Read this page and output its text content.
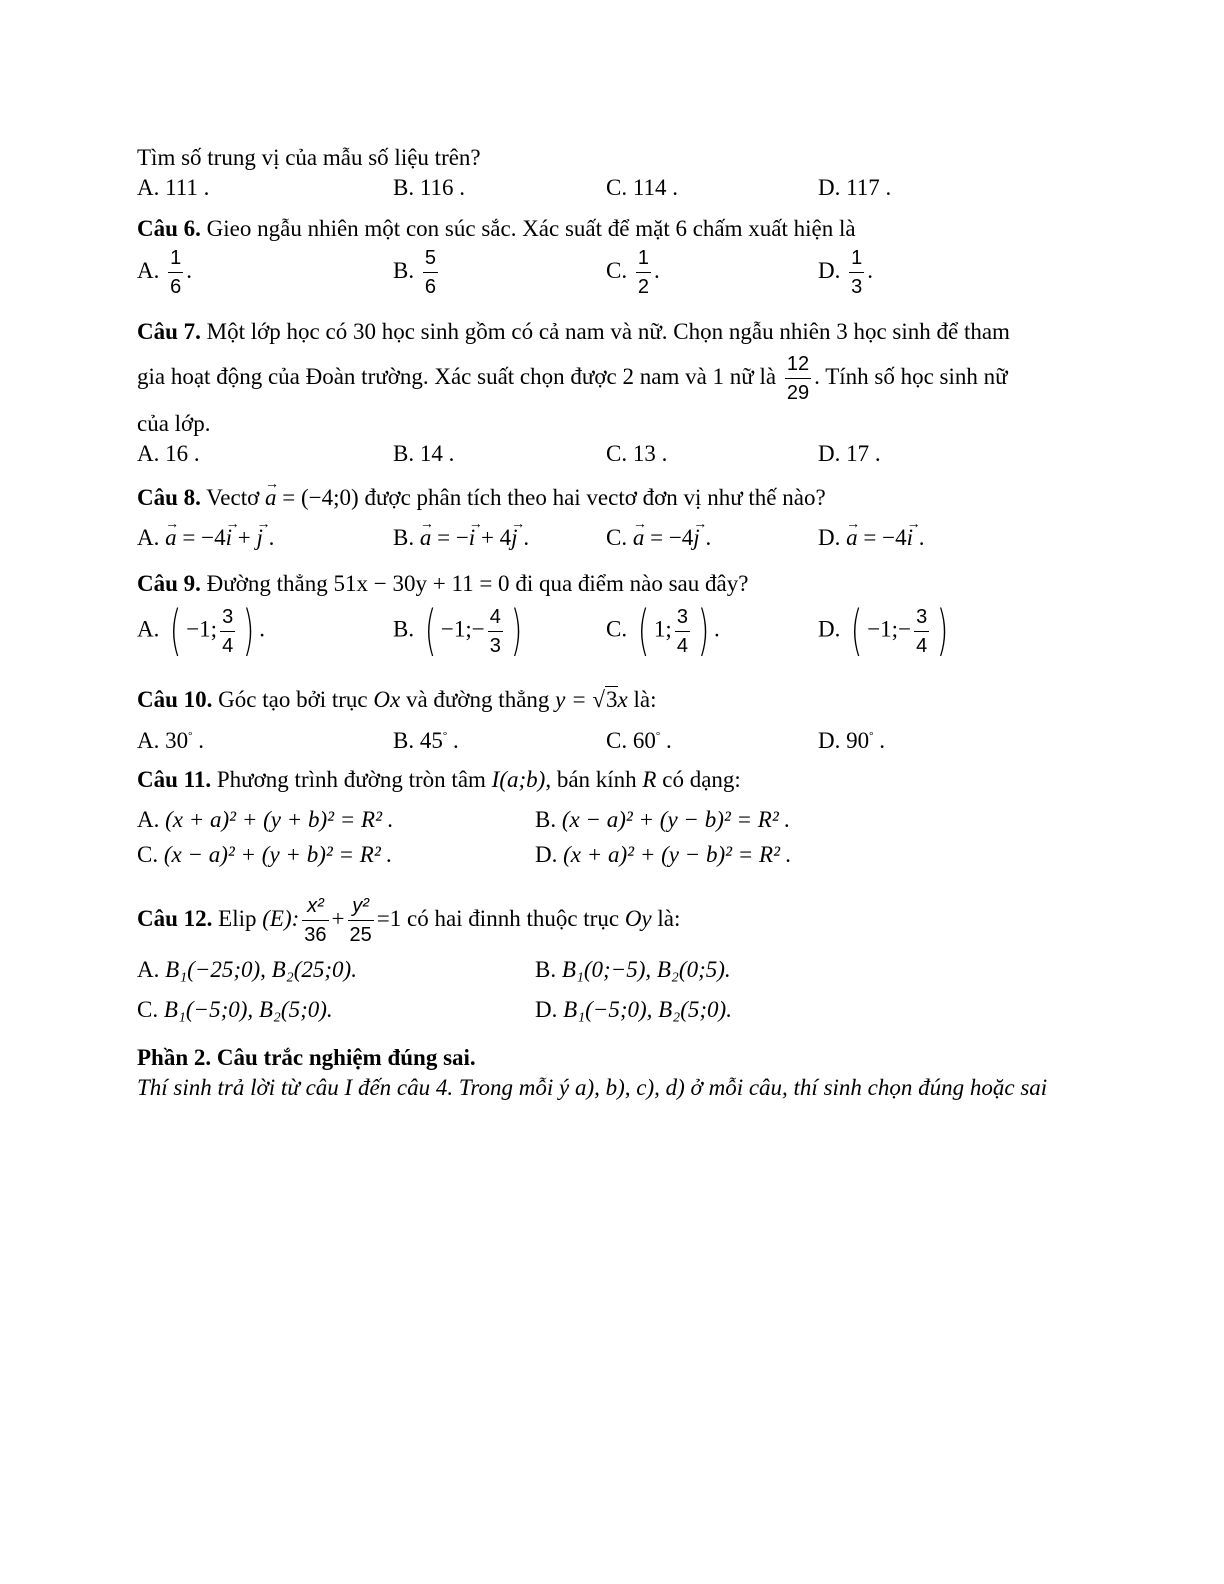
Tìm số trung vị của mẫu số liệu trên?
A. 111 .	B. 116 .	C. 114 .	D. 117 .
Câu 6. Gieo ngẫu nhiên một con súc sắc. Xác suất để mặt 6 chấm xuất hiện là
A. $\frac{1}{6}$ .	B. $\frac{5}{6}$	C. $\frac{1}{2}$ .	D. $\frac{1}{3}$ .
Câu 7. Một lớp học có 30 học sinh gồm có cả nam và nữ. Chọn ngẫu nhiên 3 học sinh để tham
gia hoạt động của Đoàn trường. Xác suất chọn được 2 nam và 1 nữ là $\frac{12}{29}$ . Tính số học sinh nữ
của lớp.
A. 16 .	B. 14 .	C. 13 .	D. 17 .
Câu 8. Vectơ a → = (−4;0) được phân tích theo hai vectơ đơn vị như thế nào?
A. a → = −4i → + j → .	B. a → = −i → + 4j → .	C. a → = −4j → .	D. a → = −4i → .
Câu 9. Đường thẳng 51x − 30y + 11 = 0 đi qua điểm nào sau đây?
A. ( −1; $\frac{3}{4}$ ) .	B. ( −1;− $\frac{4}{3}$ )	C. ( 1; $\frac{3}{4}$ ) .	D. ( −1;− $\frac{3}{4}$ )
Câu 10. Góc tạo bởi trục Ox và đường thẳng y = √3x là:
A. 30° .	B. 45° .	C. 60° .	D. 90° .
Câu 11. Phương trình đường tròn tâm I(a;b), bán kính R có dạng:
A. (x + a)² + (y + b)² = R² .	B. (x − a)² + (y − b)² = R² .
C. (x − a)² + (y + b)² = R² .	D. (x + a)² + (y − b)² = R² .
Câu 12. Elip (E): $\frac{\text{x²}}{36} + \frac{\text{y²}}{25} =1$ có hai đinnh thuộc trục Oy là:
A. B₁(−25;0), B₂(25;0).	B. B₁(0;−5), B₂(0;5).
C. B₁(−5;0), B₂(5;0).	D. B₁(−5;0), B₂(5;0).
Phần 2. Câu trắc nghiệm đúng sai.
Thí sinh trả lời từ câu I đến câu 4. Trong mỗi ý a), b), c), d) ở mỗi câu, thí sinh chọn đúng hoặc sai
